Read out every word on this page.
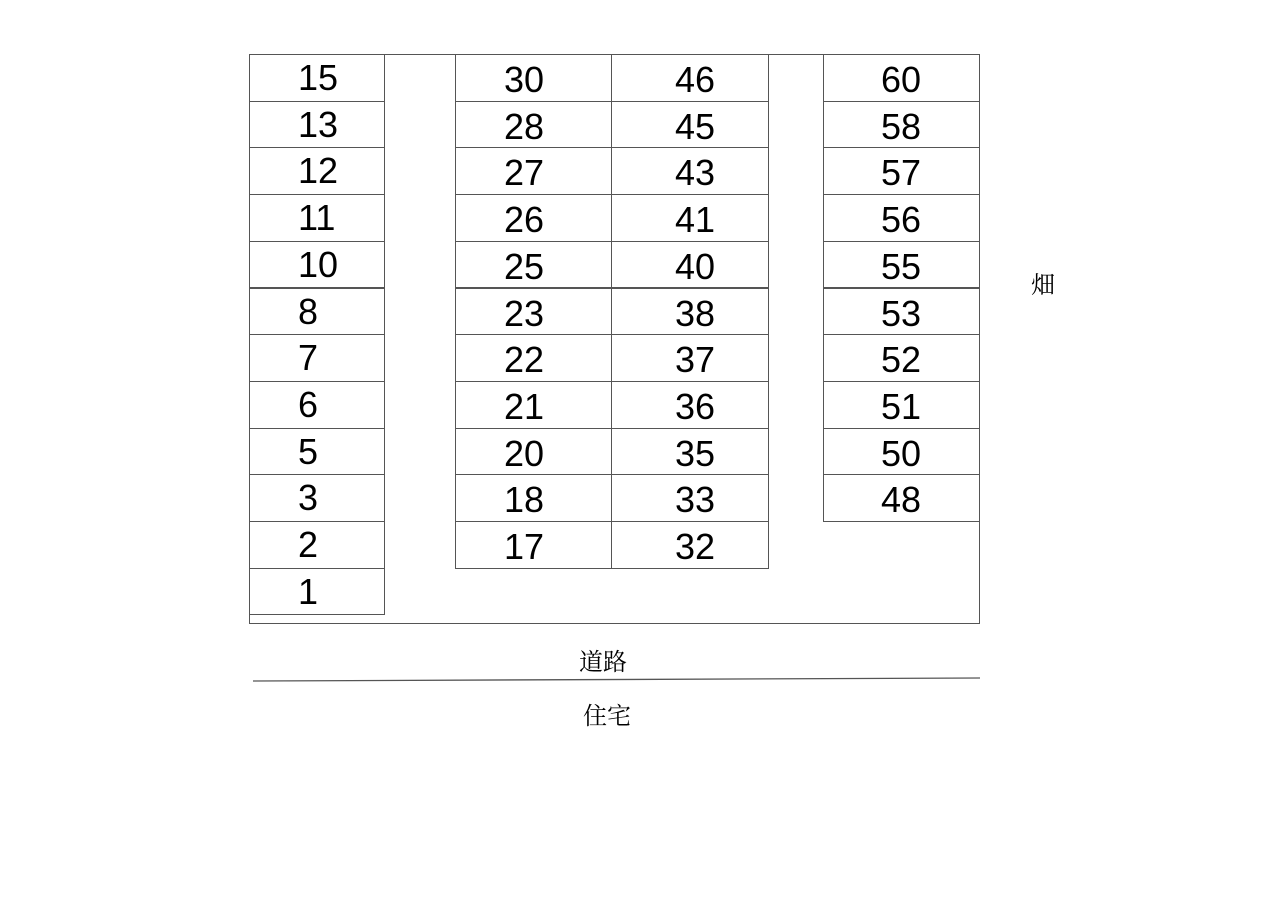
15
13
12
11
10
8
7
6
5
3
2
1
30
28
27
26
25
23
22
21
20
18
17
46
45
43
41
40
38
37
36
35
33
32
60
58
57
56
55
53
52
51
50
48
畑
道路
住宅
